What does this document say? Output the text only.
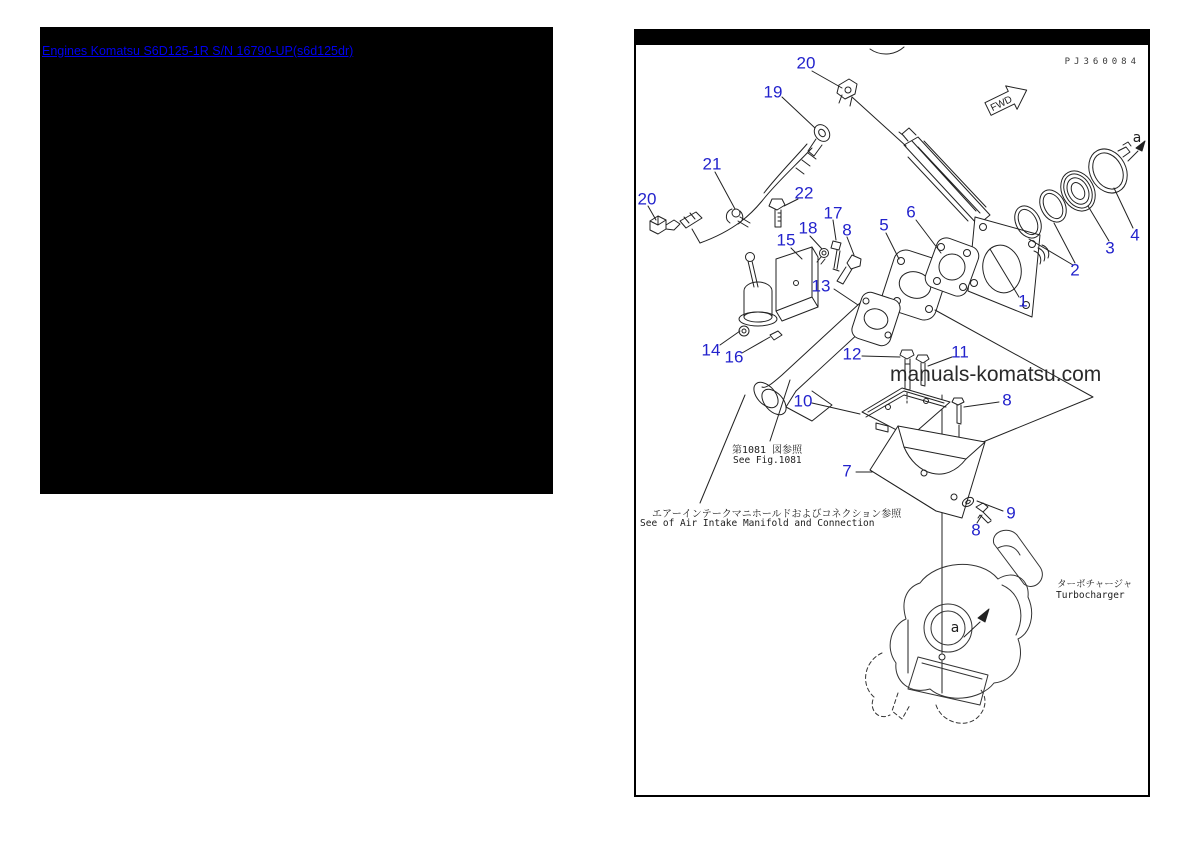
Engines Komatsu S6D125-1R S/N 16790-UP(s6d125dr)
FWD
PJ360084
manuals-komatsu.com
第1081 図参照
See Fig.1081
エアーインテークマニホールドおよびコネクション参照
See of Air Intake Manifold and Connection
ターボチャージャ
Turbocharger
20
19
21
20	22
17
18 8 5
6
15
13
1
2
3
4
14 16	12	11
10	8
7
9
8
a
a
